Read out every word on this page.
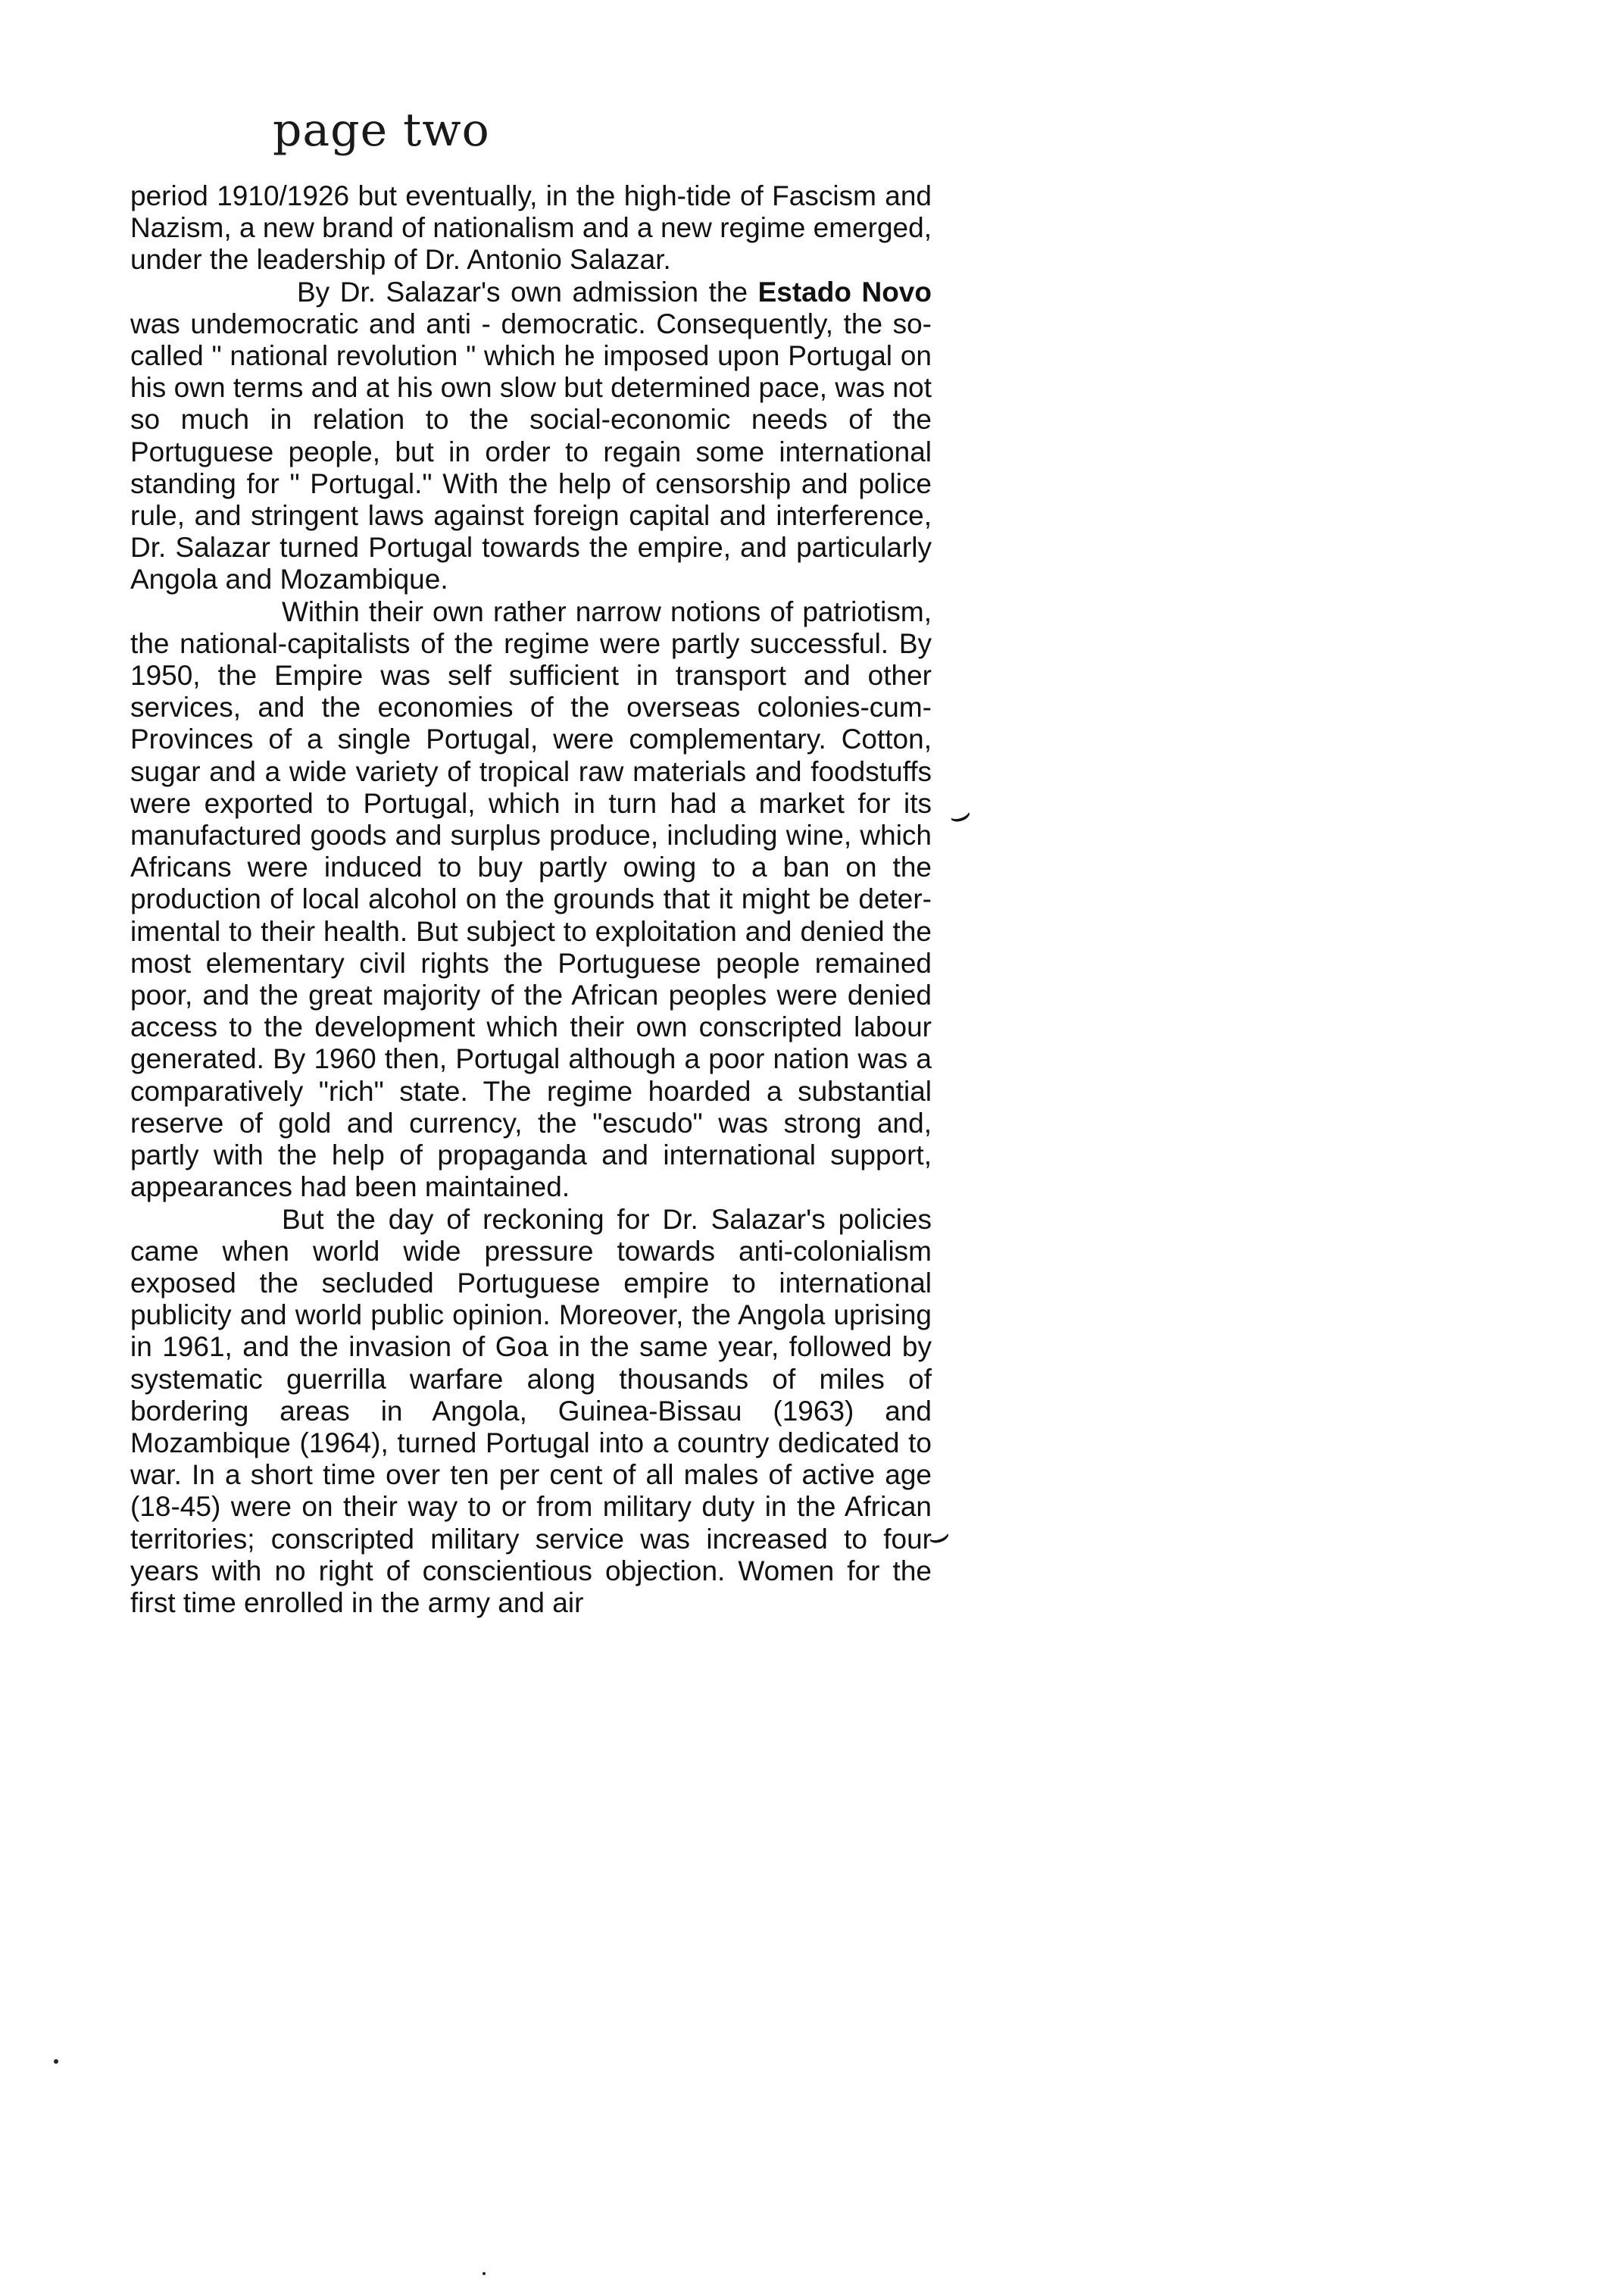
page two

period 1910/1926 but eventually, in the high-tide of Fascism and Nazism, a new brand of nationalism and a new regime emerged, under the leadership of Dr. Antonio Salazar.

By Dr. Salazar's own admission the Estado Novo was undemocratic and anti - democratic. Consequently, the so-called " national revolution " which he imposed upon Portugal on his own terms and at his own slow but determined pace, was not so much in relation to the social-economic needs of the Portuguese people, but in order to regain some international standing for " Portugal." With the help of censorship and police rule, and stringent laws against foreign capital and interference, Dr. Salazar turned Portugal towards the empire, and particularly Angola and Mozambique.

Within their own rather narrow notions of patriotism, the national-capitalists of the regime were partly successful. By 1950, the Empire was self sufficient in transport and other services, and the economies of the overseas colonies-cum-Provinces of a single Portugal, were complementary. Cotton, sugar and a wide variety of tropical raw materials and foodstuffs were exported to Portugal, which in turn had a market for its manufactured goods and surplus produce, including wine, which Africans were induced to buy partly owing to a ban on the production of local alcohol on the grounds that it might be deter-imental to their health. But subject to exploitation and denied the most elementary civil rights the Portuguese people remained poor, and the great majority of the African peoples were denied access to the development which their own conscripted labour generated. By 1960 then, Portugal although a poor nation was a comparatively "rich" state. The regime hoarded a substantial reserve of gold and currency, the "escudo" was strong and, partly with the help of propaganda and international support, appearances had been maintained.

But the day of reckoning for Dr. Salazar's policies came when world wide pressure towards anti-colonialism exposed the secluded Portuguese empire to international publicity and world public opinion. Moreover, the Angola uprising in 1961, and the invasion of Goa in the same year, followed by systematic guerrilla warfare along thousands of miles of bordering areas in Angola, Guinea-Bissau (1963) and Mozambique (1964), turned Portugal into a country dedicated to war. In a short time over ten per cent of all males of active age (18-45) were on their way to or from military duty in the African territories; conscripted military service was increased to four years with no right of conscientious objection. Women for the first time enrolled in the army and air

⌣
⌣
